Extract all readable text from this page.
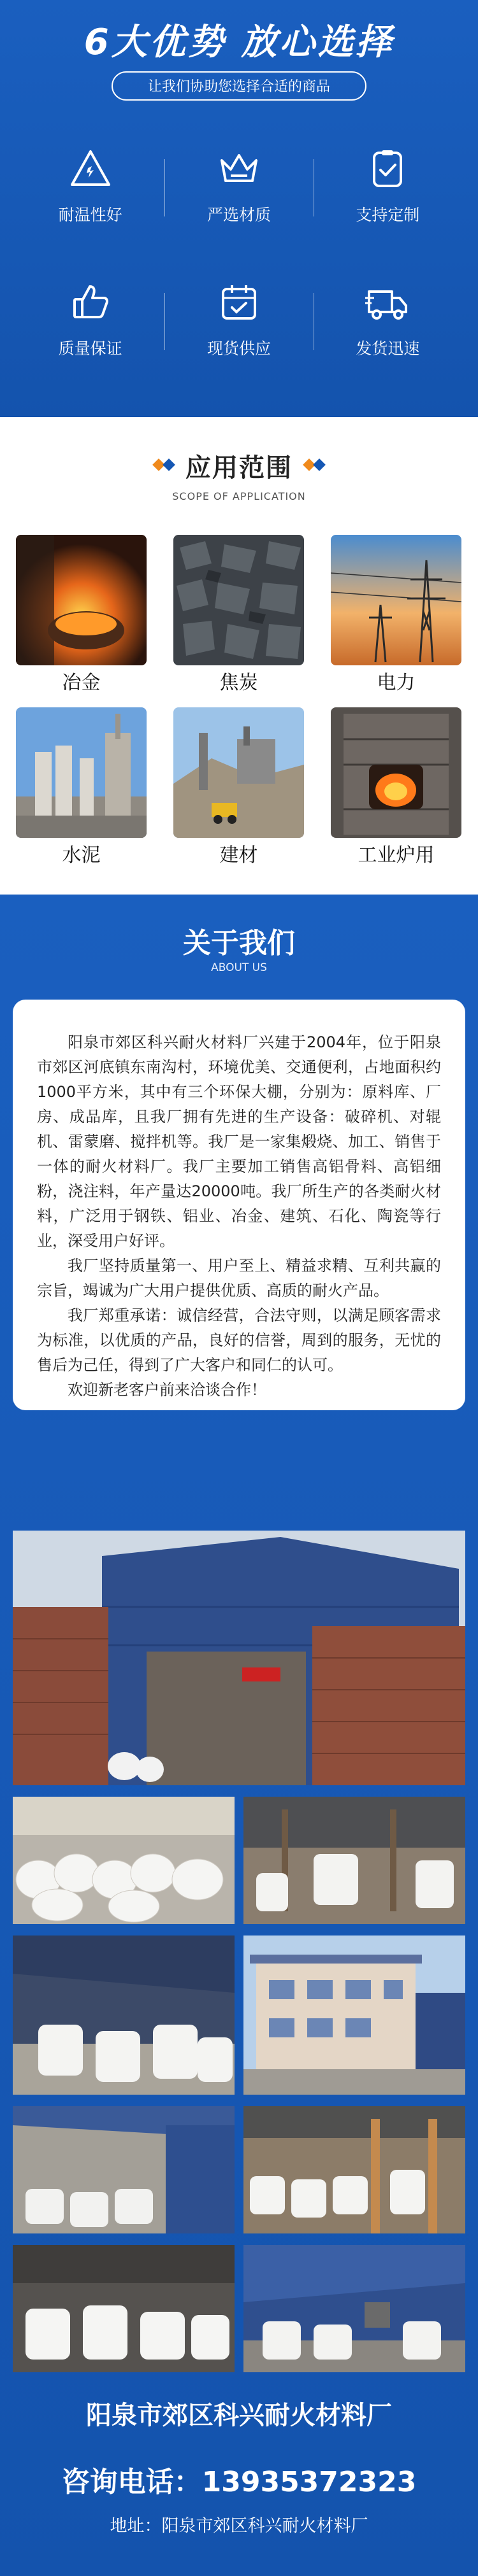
6大优势 放心选择
让我们协助您选择合适的商品
耐温性好	严选材质	支持定制
质量保证	现货供应	发货迅速
应用范围
SCOPE OF APPLICATION
冶金	焦炭	电力
水泥	建材	工业炉用
关于我们
ABOUT US

阳泉市郊区科兴耐火材料厂兴建于2004年，位于阳泉市郊区河底镇东南沟村，环境优美、交通便利，占地面积约1000平方米，其中有三个环保大棚，分别为：原料库、厂房、成品库，且我厂拥有先进的生产设备：破碎机、对辊机、雷蒙磨、搅拌机等。我厂是一家集煅烧、加工、销售于一体的耐火材料厂。我厂主要加工销售高铝骨料、高铝细粉，浇注料，年产量达20000吨。我厂所生产的各类耐火材料，广泛用于钢铁、铝业、冶金、建筑、石化、陶瓷等行业，深受用户好评。

我厂坚持质量第一、用户至上、精益求精、互利共赢的宗旨，竭诚为广大用户提供优质、高质的耐火产品。

我厂郑重承诺：诚信经营，合法守则，以满足顾客需求为标准，以优质的产品，良好的信誉，周到的服务，无忧的售后为己任，得到了广大客户和同仁的认可。

欢迎新老客户前来洽谈合作！

阳泉市郊区科兴耐火材料厂
咨询电话：13935372323
地址：阳泉市郊区科兴耐火材料厂
